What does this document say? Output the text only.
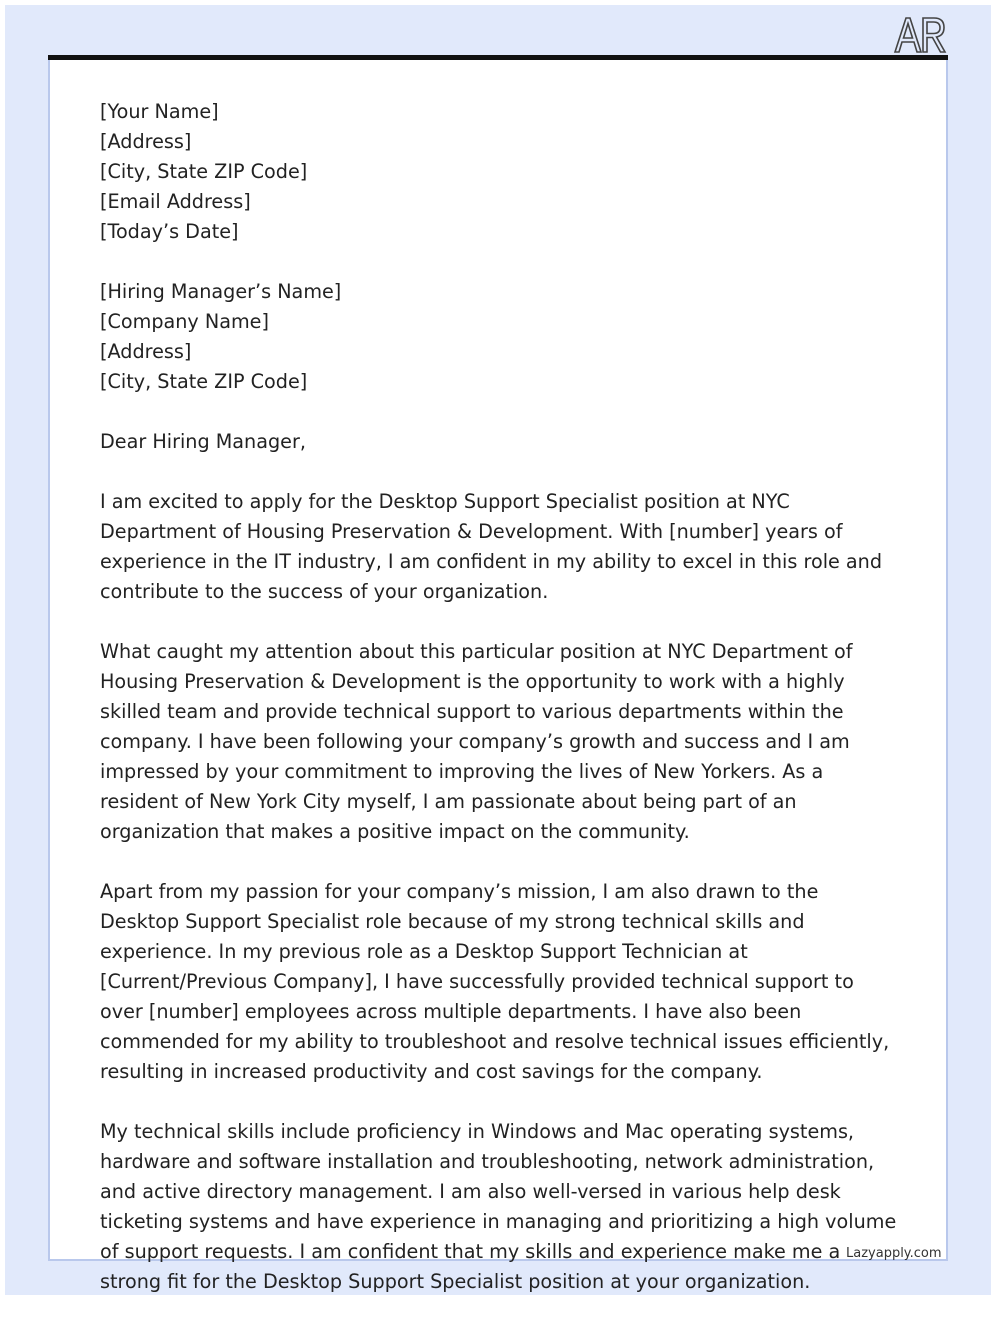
[Your Name]
[Address]
[City, State ZIP Code]
[Email Address]
[Today’s Date]
[Hiring Manager’s Name]
[Company Name]
[Address]
[City, State ZIP Code]

Dear Hiring Manager,

I am excited to apply for the Desktop Support Specialist position at NYC Department of Housing Preservation & Development. With [number] years of experience in the IT industry, I am confident in my ability to excel in this role and contribute to the success of your organization.

What caught my attention about this particular position at NYC Department of Housing Preservation & Development is the opportunity to work with a highly skilled team and provide technical support to various departments within the company. I have been following your company’s growth and success and I am impressed by your commitment to improving the lives of New Yorkers. As a resident of New York City myself, I am passionate about being part of an organization that makes a positive impact on the community.

Apart from my passion for your company’s mission, I am also drawn to the Desktop Support Specialist role because of my strong technical skills and experience. In my previous role as a Desktop Support Technician at [Current/Previous Company], I have successfully provided technical support to over [number] employees across multiple departments. I have also been commended for my ability to troubleshoot and resolve technical issues efficiently, resulting in increased productivity and cost savings for the company.

My technical skills include proficiency in Windows and Mac operating systems, hardware and software installation and troubleshooting, network administration, and active directory management. I am also well-versed in various help desk ticketing systems and have experience in managing and prioritizing a high volume of support requests. I am confident that my skills and experience make me a strong fit for the Desktop Support Specialist position at your organization.

Lazyapply.com
